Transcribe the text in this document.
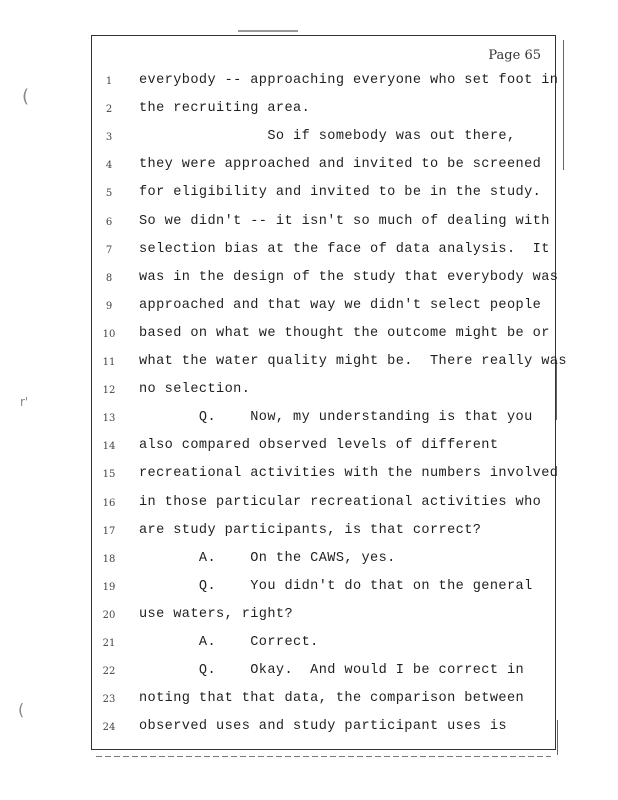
(
r'
(
Page 65
1 everybody -- approaching everyone who set foot in
2 the recruiting area.
3 So if somebody was out there,
4 they were approached and invited to be screened
5 for eligibility and invited to be in the study.
6 So we didn't -- it isn't so much of dealing with
7 selection bias at the face of data analysis.  It
8 was in the design of the study that everybody was
9 approached and that way we didn't select people
10 based on what we thought the outcome might be or
11 what the water quality might be.  There really was
12 no selection.
13 Q.    Now, my understanding is that you
14 also compared observed levels of different
15 recreational activities with the numbers involved
16 in those particular recreational activities who
17 are study participants, is that correct?
18 A.    On the CAWS, yes.
19 Q.    You didn't do that on the general
20 use waters, right?
21 A.    Correct.
22 Q.    Okay.  And would I be correct in
23 noting that that data, the comparison between
24 observed uses and study participant uses is
